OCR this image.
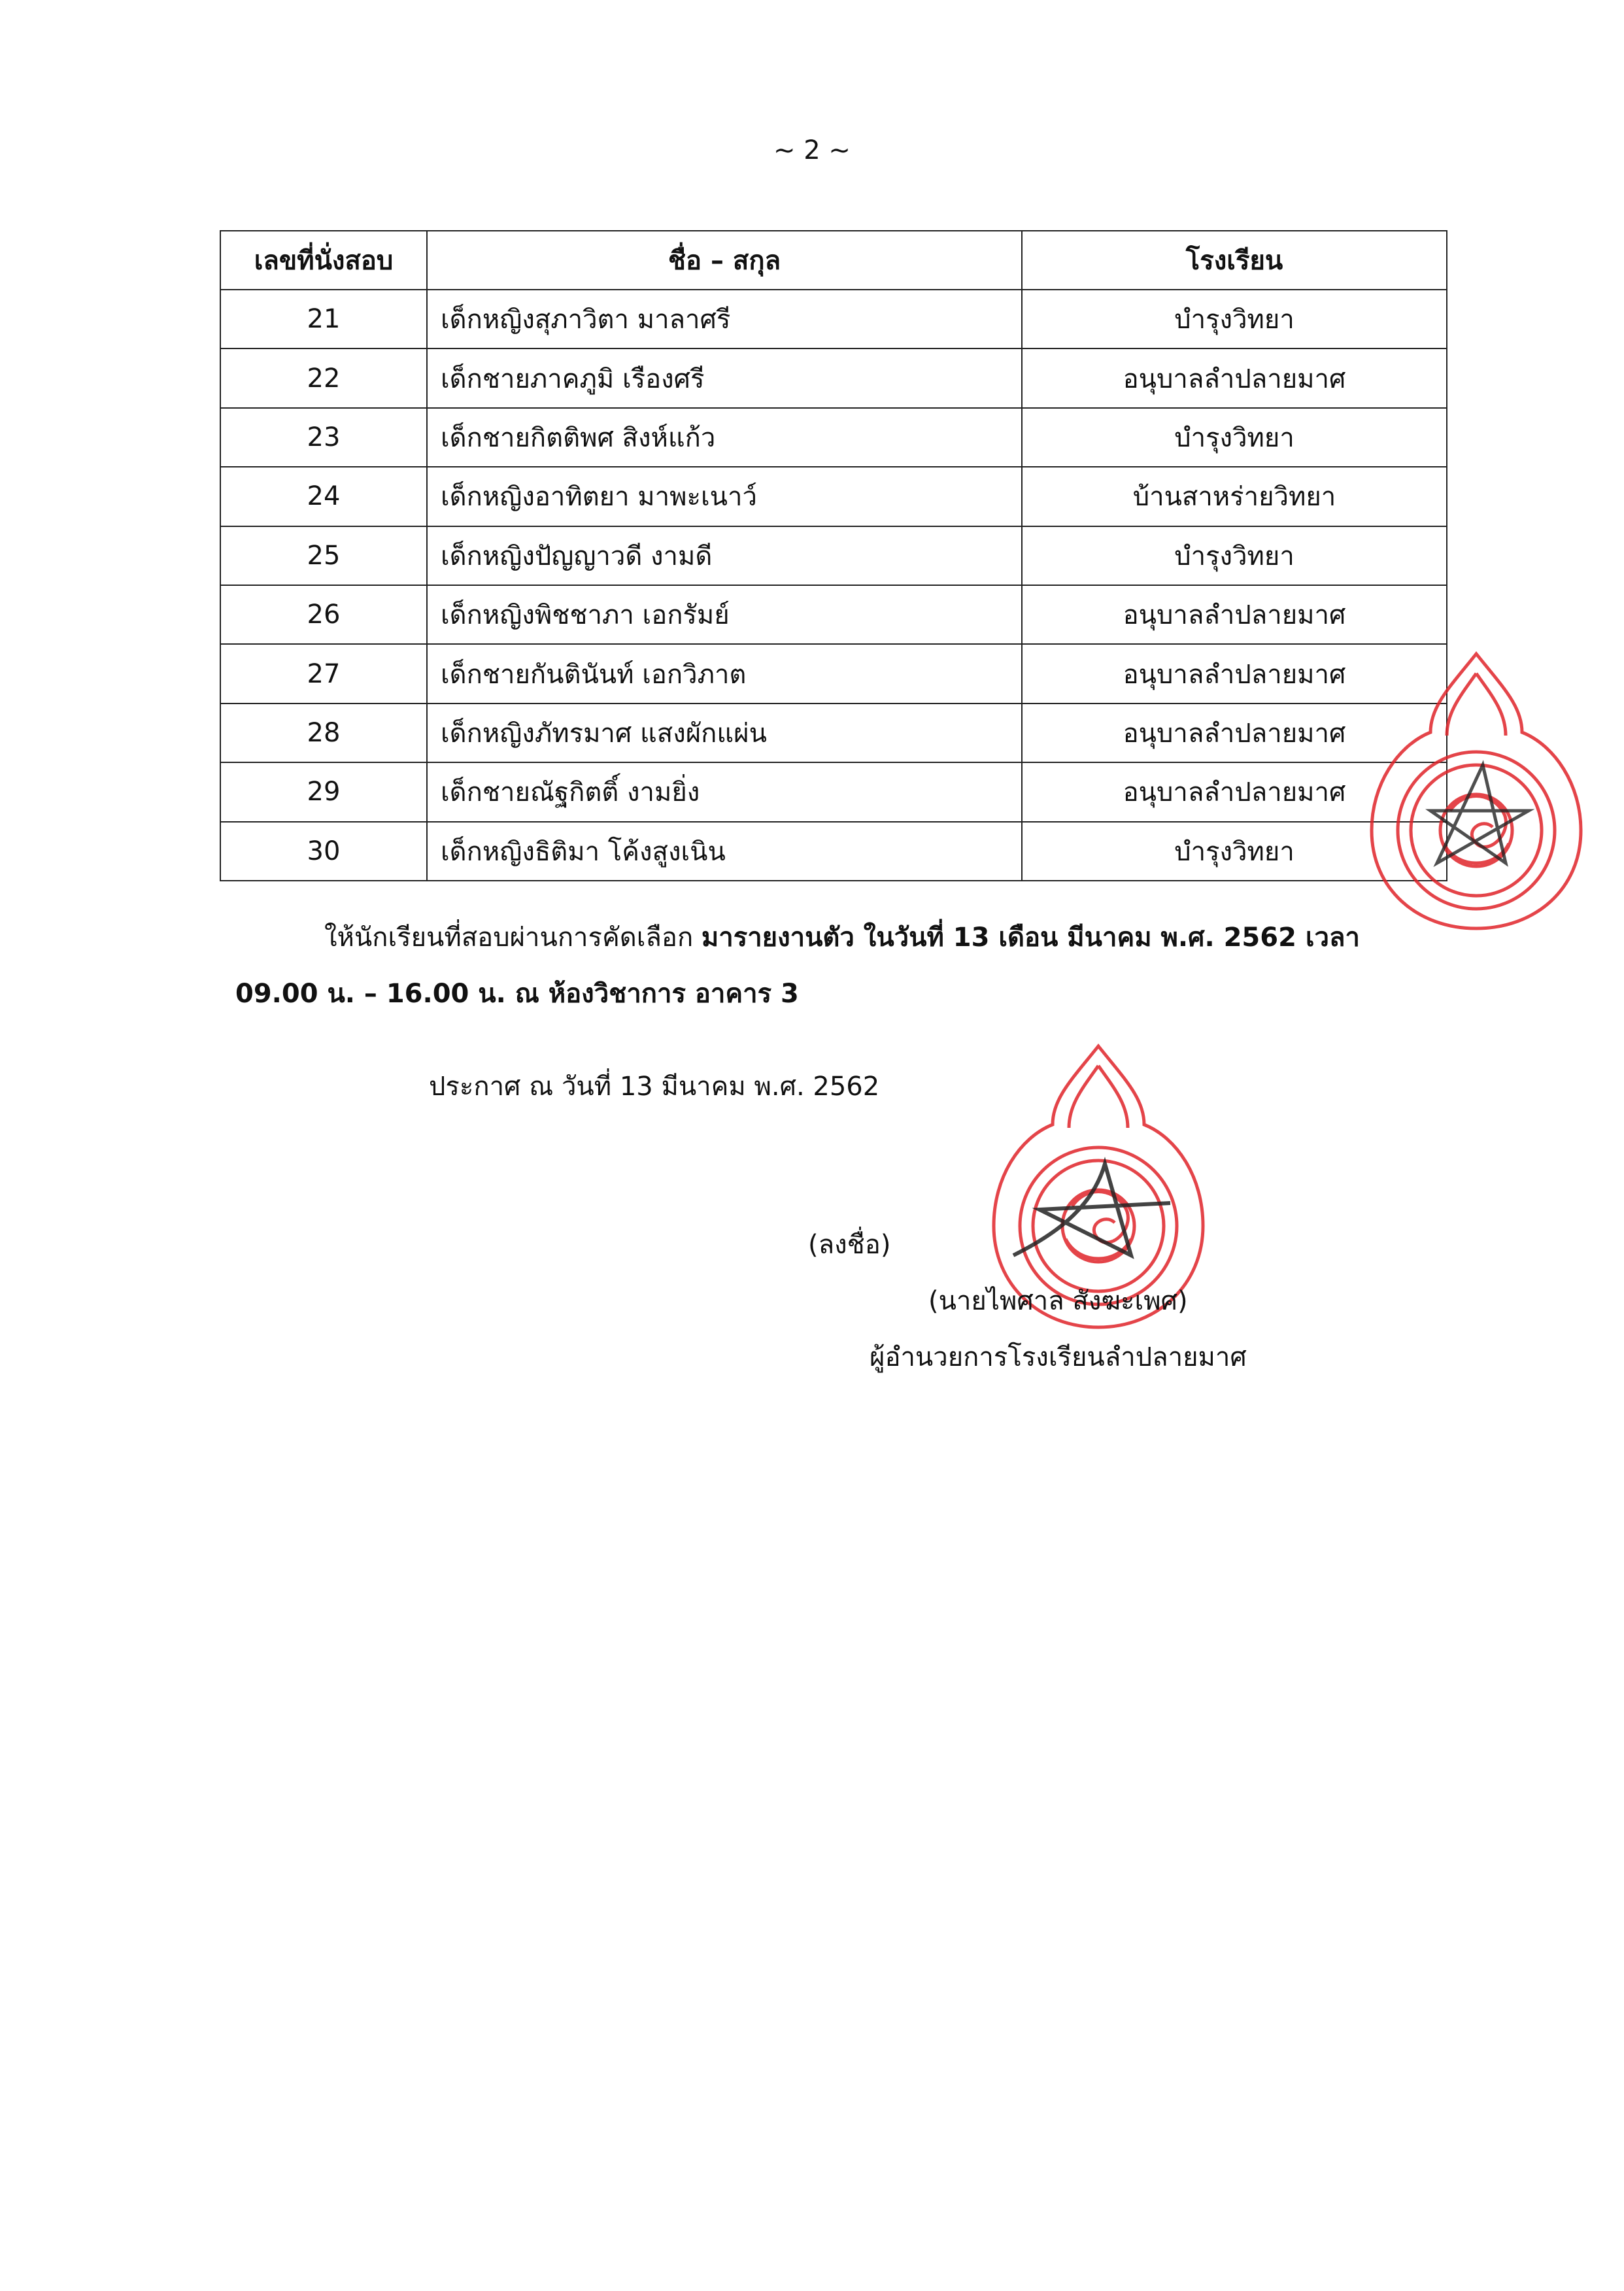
~ 2 ~
เลขที่นั่งสอบ	ชื่อ – สกุล	โรงเรียน
21	เด็กหญิงสุภาวิตา มาลาศรี	บำรุงวิทยา
22	เด็กชายภาคภูมิ เรืองศรี	อนุบาลลำปลายมาศ
23	เด็กชายกิตติพศ สิงห์แก้ว	บำรุงวิทยา
24	เด็กหญิงอาทิตยา มาพะเนาว์	บ้านสาหร่ายวิทยา
25	เด็กหญิงปัญญาวดี งามดี	บำรุงวิทยา
26	เด็กหญิงพิชชาภา เอกรัมย์	อนุบาลลำปลายมาศ
27	เด็กชายกันตินันท์ เอกวิภาต	อนุบาลลำปลายมาศ
28	เด็กหญิงภัทรมาศ แสงผักแผ่น	อนุบาลลำปลายมาศ
29	เด็กชายณัฐกิตติ์ งามยิ่ง	อนุบาลลำปลายมาศ
30	เด็กหญิงธิติมา โค้งสูงเนิน	บำรุงวิทยา
ให้นักเรียนที่สอบผ่านการคัดเลือก มารายงานตัว ในวันที่ 13 เดือน มีนาคม พ.ศ. 2562 เวลา
09.00 น. – 16.00 น. ณ ห้องวิชาการ อาคาร 3
ประกาศ ณ วันที่ 13 มีนาคม พ.ศ. 2562
(ลงชื่อ)
(นายไพศาล สังฆะเพศ)
ผู้อำนวยการโรงเรียนลำปลายมาศ
